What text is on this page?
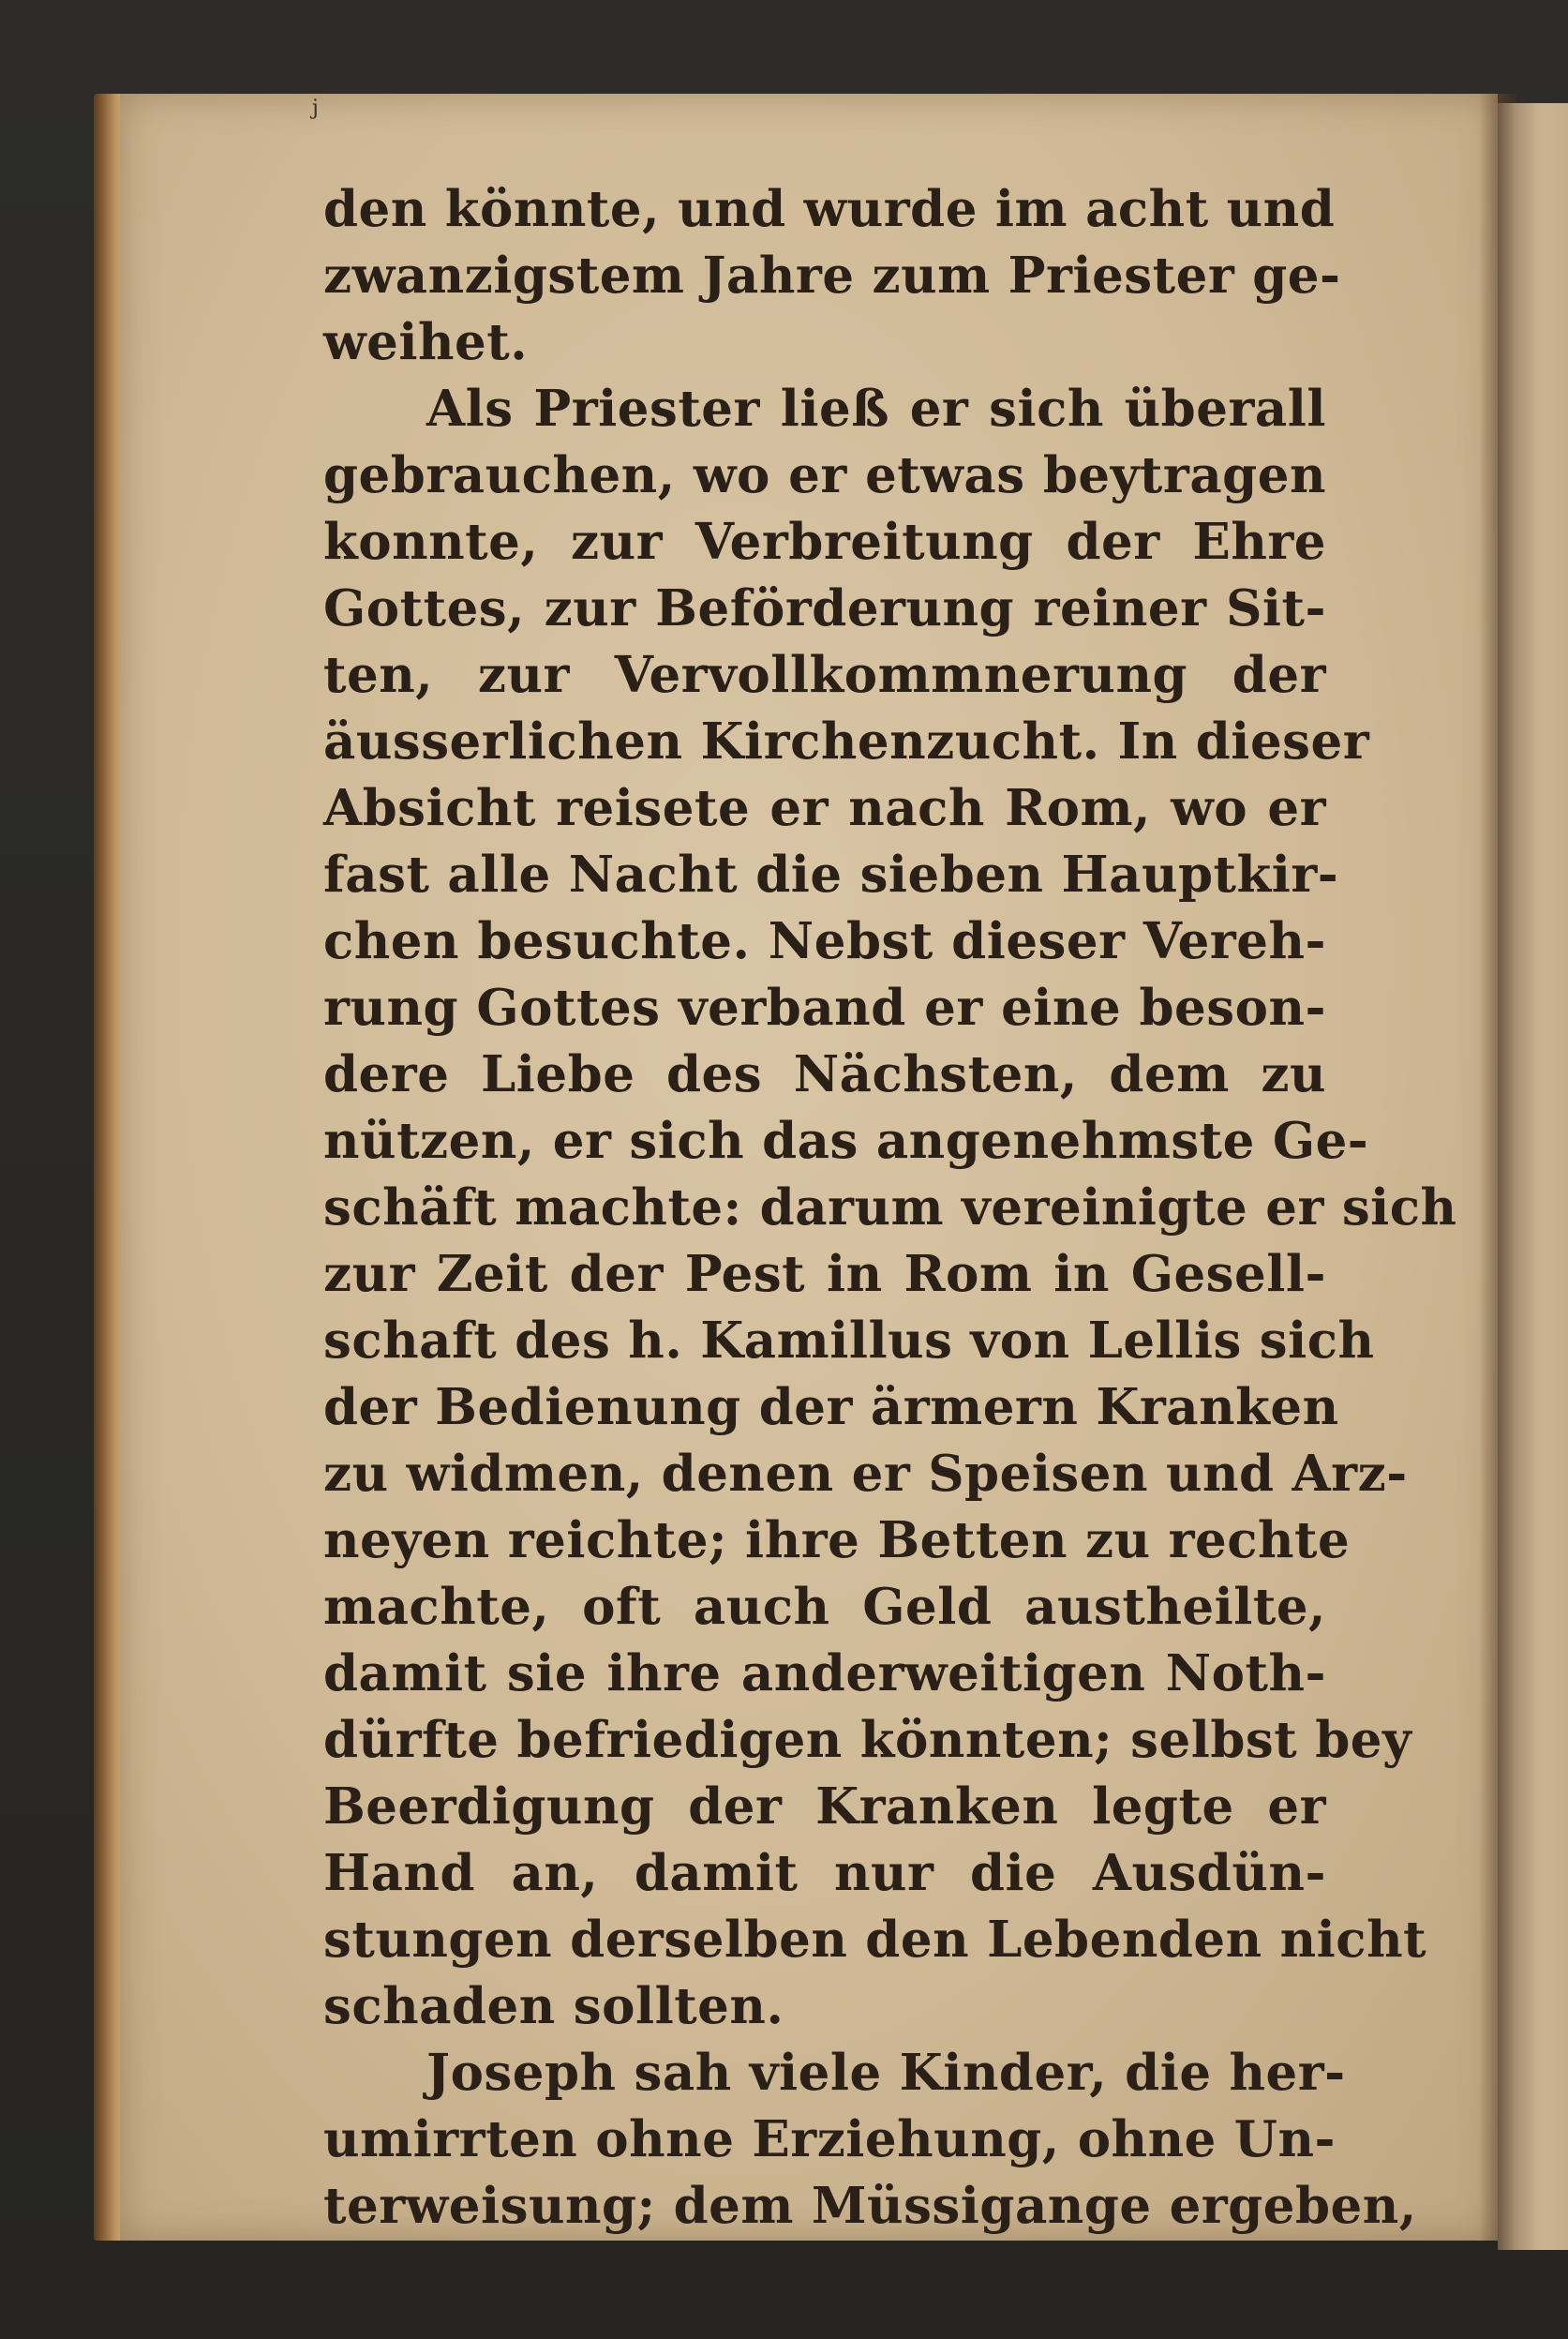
j
den könnte, und wurde im acht und
zwanzigstem Jahre zum Priester ge-
weihet.
Als Priester ließ er sich überall
gebrauchen, wo er etwas beytragen
konnte, zur Verbreitung der Ehre
Gottes, zur Beförderung reiner Sit-
ten, zur Vervollkommnerung der
äusserlichen Kirchenzucht. In dieser
Absicht reisete er nach Rom, wo er
fast alle Nacht die sieben Hauptkir-
chen besuchte. Nebst dieser Vereh-
rung Gottes verband er eine beson-
dere Liebe des Nächsten, dem zu
nützen, er sich das angenehmste Ge-
schäft machte: darum vereinigte er sich
zur Zeit der Pest in Rom in Gesell-
schaft des h. Kamillus von Lellis sich
der Bedienung der ärmern Kranken
zu widmen, denen er Speisen und Arz-
neyen reichte; ihre Betten zu rechte
machte, oft auch Geld austheilte,
damit sie ihre anderweitigen Noth-
dürfte befriedigen könnten; selbst bey
Beerdigung der Kranken legte er
Hand an, damit nur die Ausdün-
stungen derselben den Lebenden nicht
schaden sollten.
Joseph sah viele Kinder, die her-
umirrten ohne Erziehung, ohne Un-
terweisung; dem Müssigange ergeben,
